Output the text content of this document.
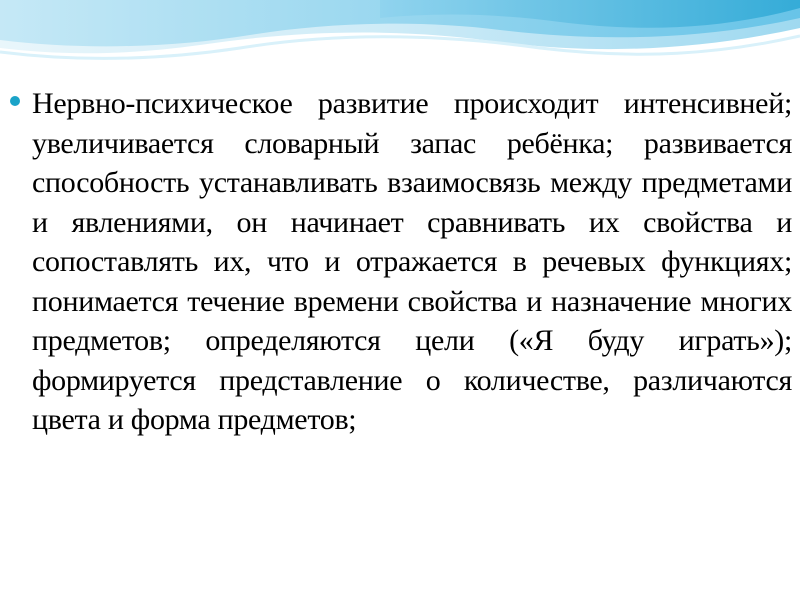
Нервно-психическое развитие происходит интенсивней; увеличивается словарный запас ребёнка; развивается способность устанавливать взаимосвязь между предметами и явлениями, он начинает сравнивать их свойства и сопоставлять их, что и отражается в речевых функциях; понимается течение времени свойства и назначение многих предметов; определяются цели («Я буду играть»); формируется представление о количестве, различаются цвета и форма предметов;
